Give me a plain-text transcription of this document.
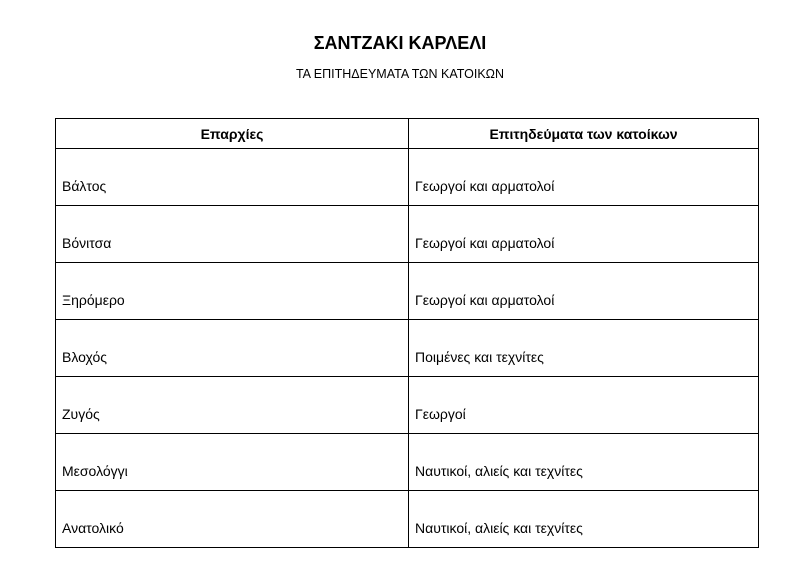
ΣΑΝΤΖΑΚΙ ΚΑΡΛΕΛΙ
ΤΑ ΕΠΙΤΗΔΕΥΜΑΤΑ ΤΩΝ ΚΑΤΟΙΚΩΝ
Επαρχίες	Επιτηδεύματα των κατοίκων
Βάλτος	Γεωργοί και αρματολοί
Βόνιτσα	Γεωργοί και αρματολοί
Ξηρόμερο	Γεωργοί και αρματολοί
Βλοχός	Ποιμένες και τεχνίτες
Ζυγός	Γεωργοί
Μεσολόγγι	Ναυτικοί, αλιείς και τεχνίτες
Ανατολικό	Ναυτικοί, αλιείς και τεχνίτες
